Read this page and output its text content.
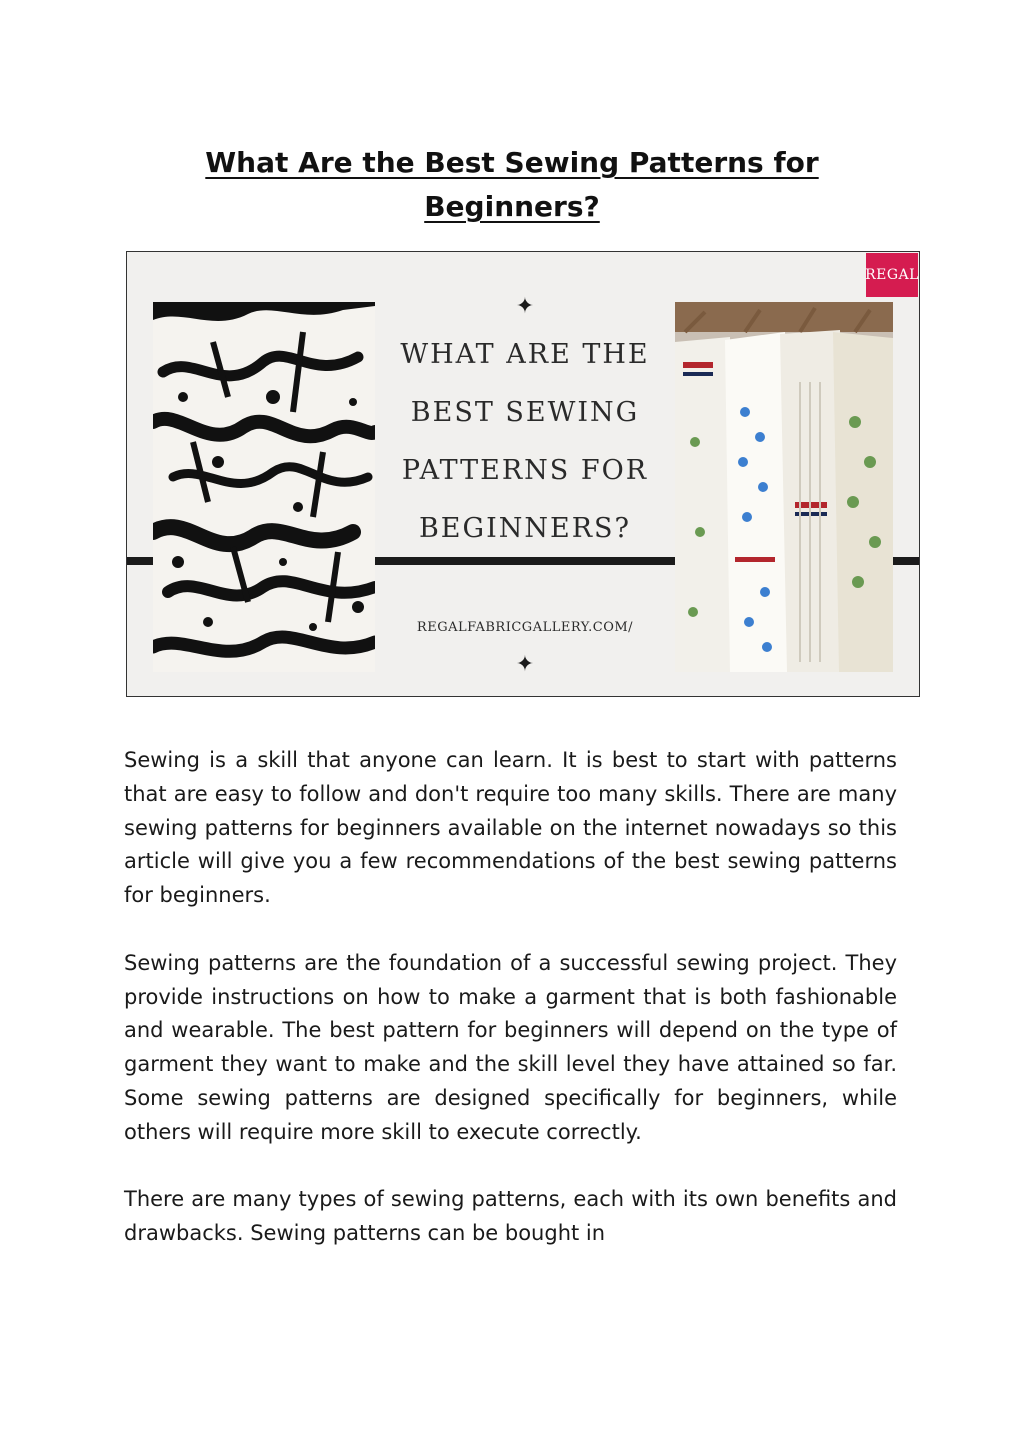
What Are the Best Sewing Patterns for Beginners?
✦
WHAT ARE THE BEST SEWING PATTERNS FOR BEGINNERS?
REGALFABRICGALLERY.COM/
✦
REGAL

Sewing is a skill that anyone can learn. It is best to start with patterns that are easy to follow and don't require too many skills. There are many sewing patterns for beginners available on the internet nowadays so this article will give you a few recommendations of the best sewing patterns for beginners.

Sewing patterns are the foundation of a successful sewing project. They provide instructions on how to make a garment that is both fashionable and wearable. The best pattern for beginners will depend on the type of garment they want to make and the skill level they have attained so far. Some sewing patterns are designed specifically for beginners, while others will require more skill to execute correctly.

There are many types of sewing patterns, each with its own benefits and drawbacks. Sewing patterns can be bought in
